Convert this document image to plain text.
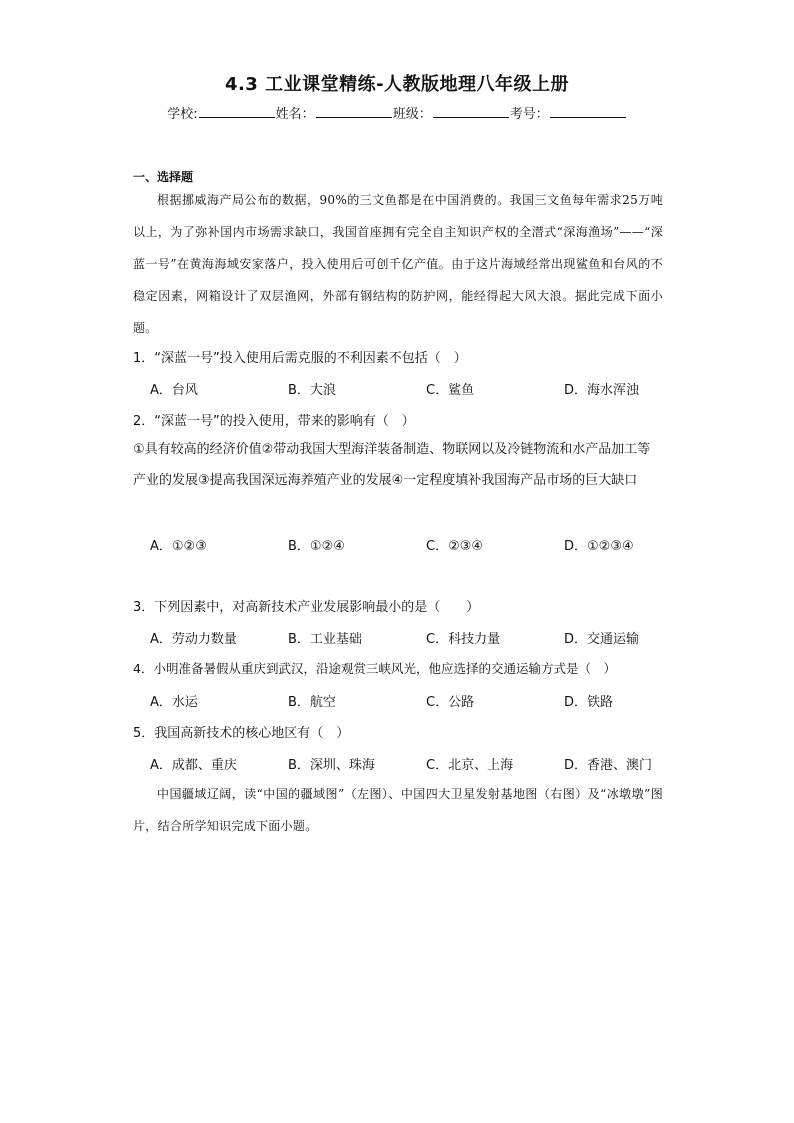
4.3 工业课堂精练-人教版地理八年级上册
学校:	姓名：	班级：	考号：
一、选择题

根据挪威海产局公布的数据，90%的三文鱼都是在中国消费的。我国三文鱼每年需求25万吨以上，为了弥补国内市场需求缺口，我国首座拥有完全自主知识产权的全潜式“深海渔场”——“深蓝一号”在黄海海域安家落户，投入使用后可创千亿产值。由于这片海域经常出现鲨鱼和台风的不稳定因素，网箱设计了双层渔网，外部有钢结构的防护网，能经得起大风大浪。据此完成下面小题。

1．“深蓝一号”投入使用后需克服的不利因素不包括（　）
A．台风	B．大浪	C．鲨鱼	D．海水浑浊
2．“深蓝一号”的投入使用，带来的影响有（　）
①具有较高的经济价值②带动我国大型海洋装备制造、物联网以及冷链物流和水产品加工等产业的发展③提高我国深远海养殖产业的发展④一定程度填补我国海产品市场的巨大缺口
A．①②③	B．①②④	C．②③④	D．①②③④
3．下列因素中，对高新技术产业发展影响最小的是（　　）
A．劳动力数量	B．工业基础	C．科技力量	D．交通运输
4．小明准备暑假从重庆到武汉，沿途观赏三峡风光，他应选择的交通运输方式是（　）
A．水运	B．航空	C．公路	D．铁路
5．我国高新技术的核心地区有（　）
A．成都、重庆	B．深圳、珠海	C．北京、上海	D．香港、澳门

中国疆域辽阔，读“中国的疆域图”（左图）、中国四大卫星发射基地图（右图）及“冰墩墩”图片，结合所学知识完成下面小题。
